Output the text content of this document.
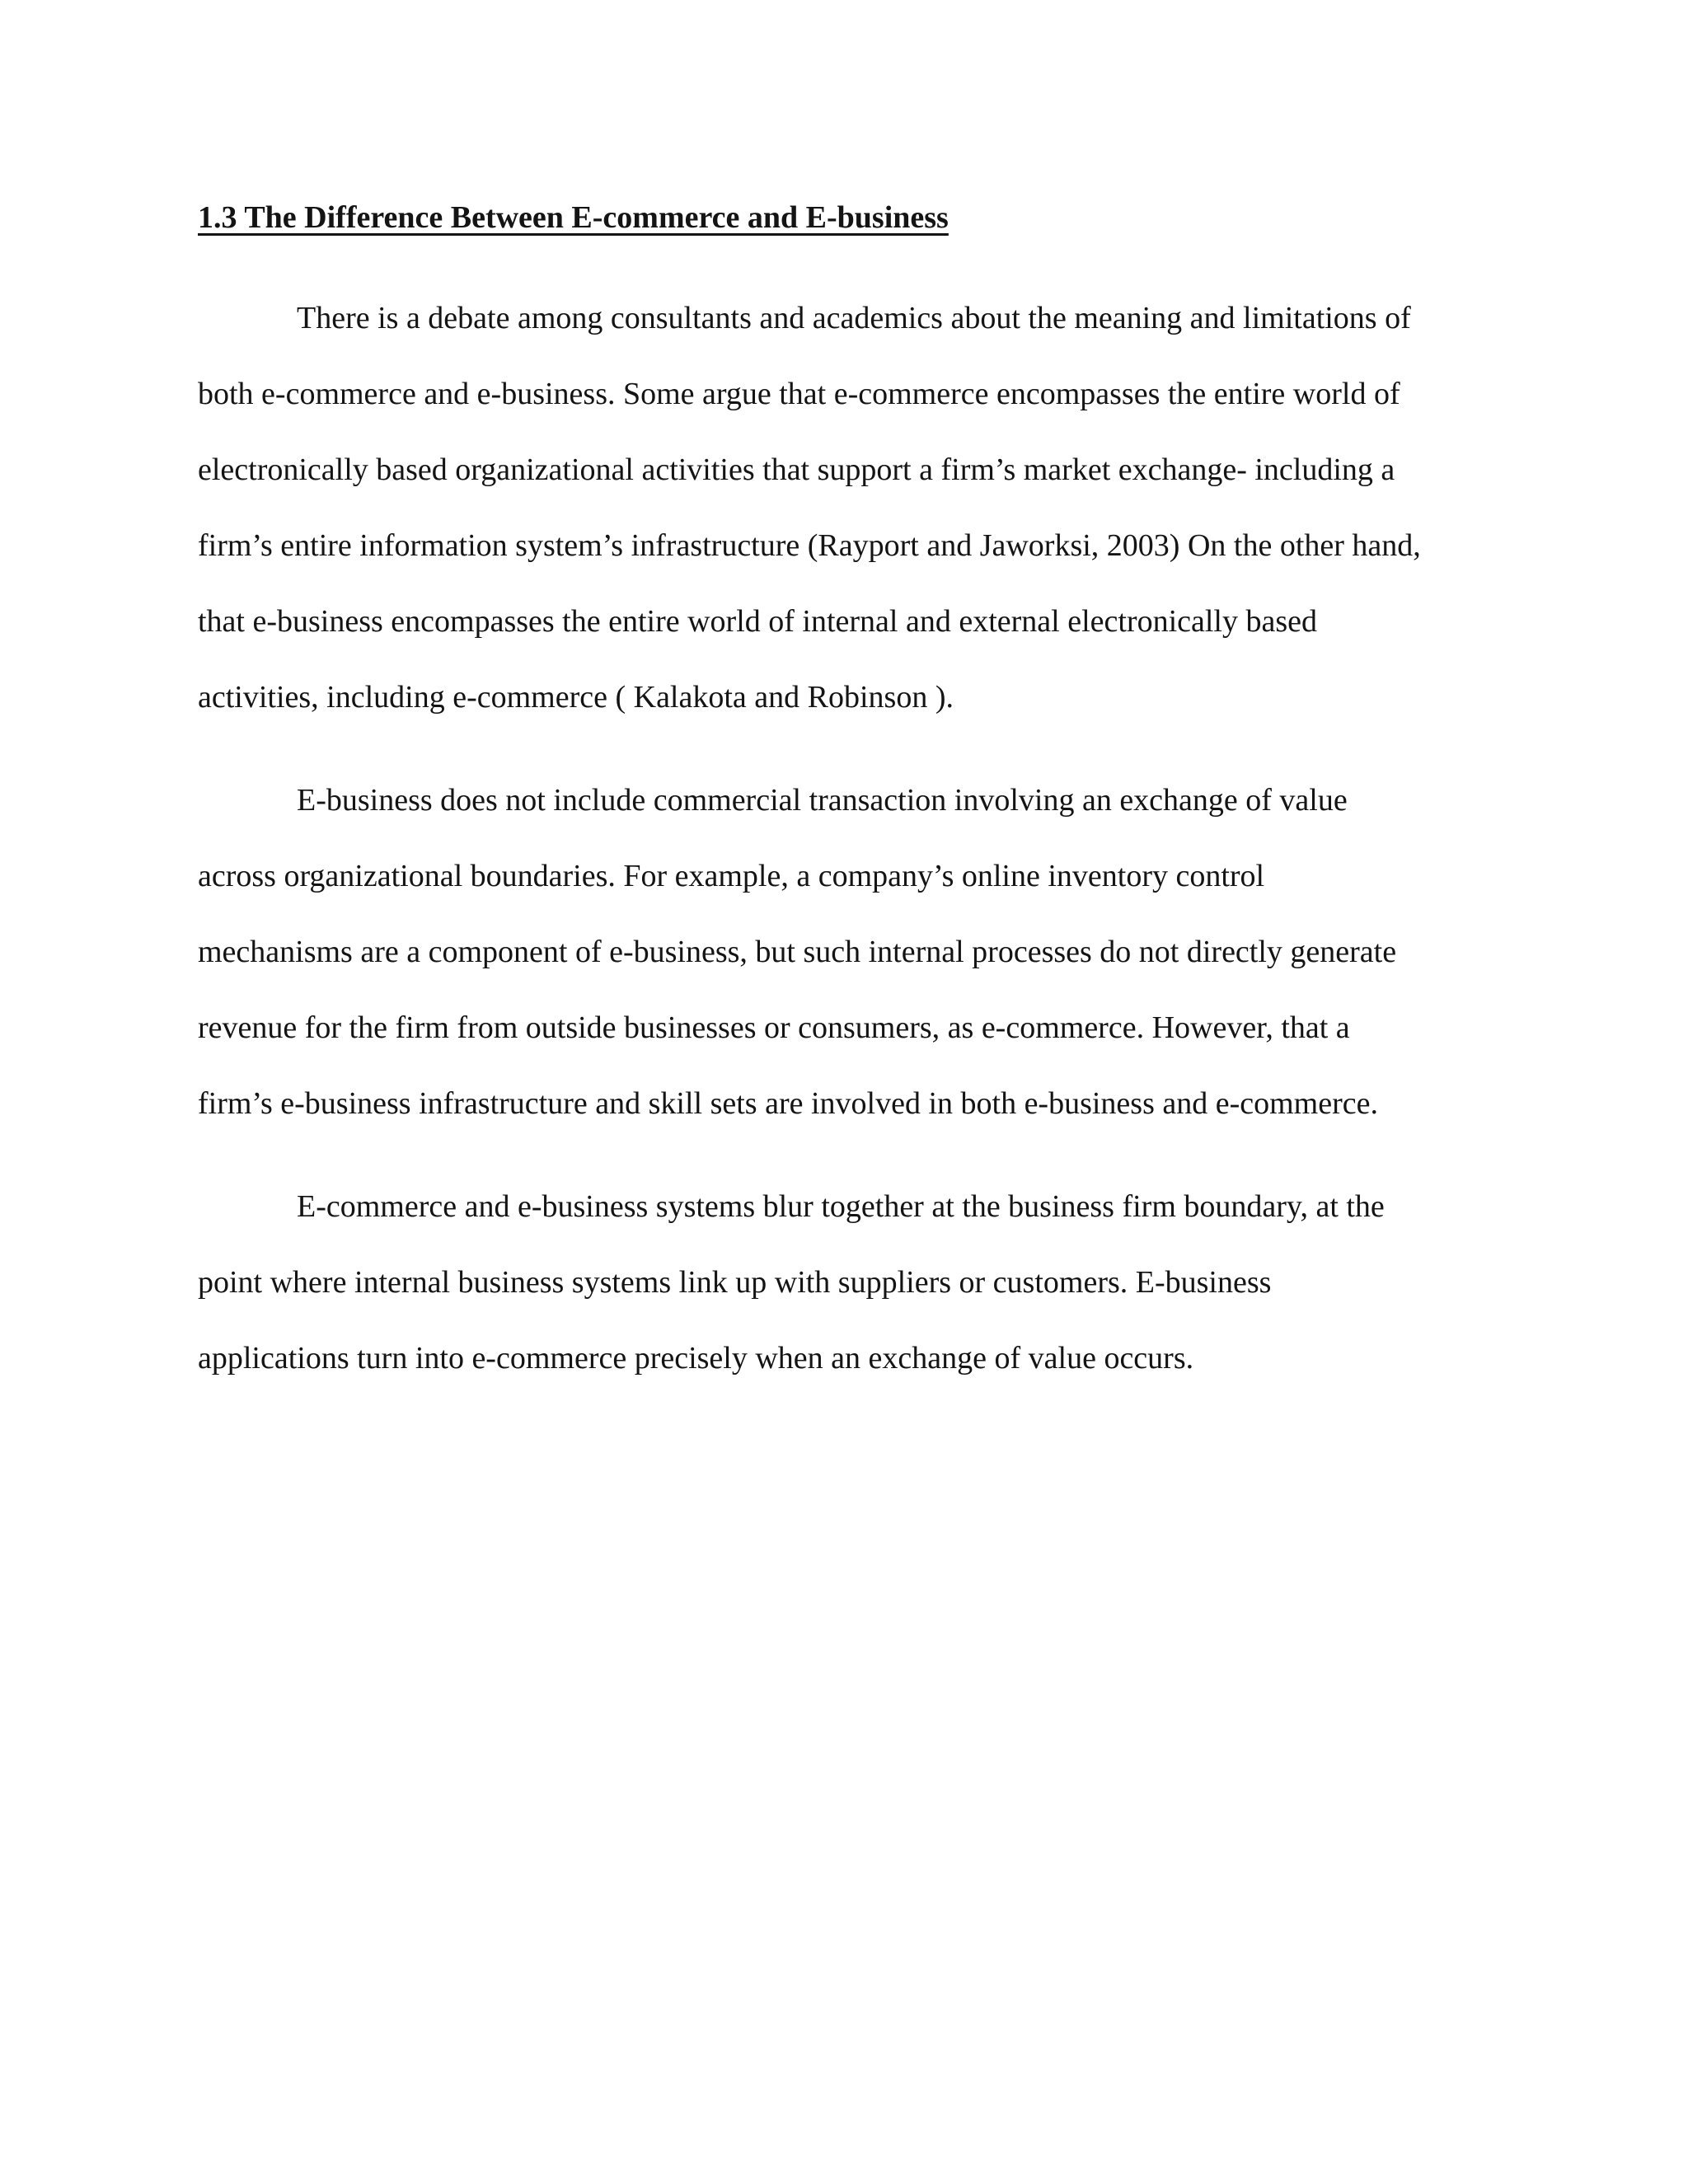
1.3 The Difference Between E-commerce and E-business

There is a debate among consultants and academics about the meaning and limitations of
both e-commerce and e-business. Some argue that e-commerce encompasses the entire world of
electronically based organizational activities that support a firm’s market exchange- including a
firm’s entire information system’s infrastructure (Rayport and Jaworksi, 2003) On the other hand,
that e-business encompasses the entire world of internal and external electronically based
activities, including e-commerce ( Kalakota and Robinson ).

E-business does not include commercial transaction involving an exchange of value
across organizational boundaries. For example, a company’s online inventory control
mechanisms are a component of e-business, but such internal processes do not directly generate
revenue for the firm from outside businesses or consumers, as e-commerce. However, that a
firm’s e-business infrastructure and skill sets are involved in both e-business and e-commerce.

E-commerce and e-business systems blur together at the business firm boundary, at the
point where internal business systems link up with suppliers or customers. E-business
applications turn into e-commerce precisely when an exchange of value occurs.
